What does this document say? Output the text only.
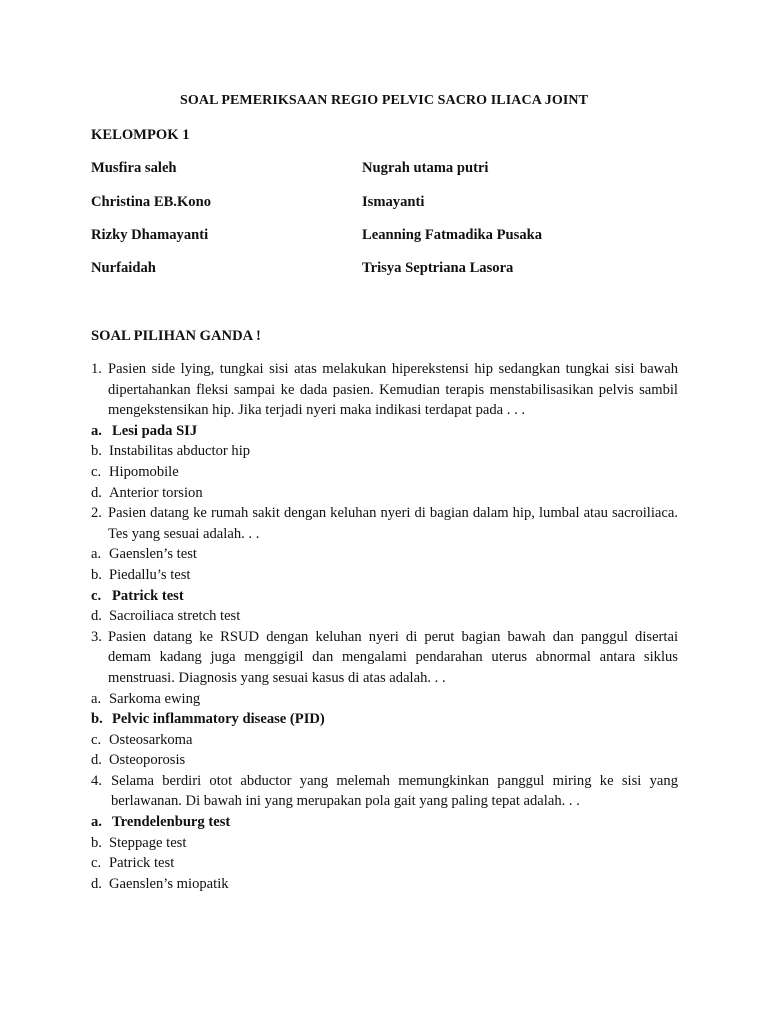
SOAL PEMERIKSAAN REGIO PELVIC SACRO ILIACA JOINT
KELOMPOK 1
Musfira saleh	Nugrah utama putri
Christina EB.Kono	Ismayanti
Rizky Dhamayanti	Leanning Fatmadika Pusaka
Nurfaidah	Trisya Septriana Lasora
SOAL PILIHAN GANDA !
1. Pasien side lying, tungkai sisi atas melakukan hiperekstensi hip sedangkan tungkai sisi bawah dipertahankan fleksi sampai ke dada pasien. Kemudian terapis menstabilisasikan pelvis sambil mengekstensikan hip. Jika terjadi nyeri maka indikasi terdapat pada . . .
a. Lesi pada SIJ
b. Instabilitas abductor hip
c. Hipomobile
d. Anterior torsion
2. Pasien datang ke rumah sakit dengan keluhan nyeri di bagian dalam hip, lumbal atau sacroiliaca. Tes yang sesuai adalah. . .
a. Gaenslen’s test
b. Piedallu’s test
c. Patrick test
d. Sacroiliaca stretch test
3. Pasien datang ke RSUD dengan keluhan nyeri di perut bagian bawah dan panggul disertai demam kadang juga menggigil dan mengalami pendarahan uterus abnormal antara siklus menstruasi. Diagnosis yang sesuai kasus di atas adalah. . .
a. Sarkoma ewing
b. Pelvic inflammatory disease (PID)
c. Osteosarkoma
d. Osteoporosis
4. Selama berdiri otot abductor yang melemah memungkinkan panggul miring ke sisi yang berlawanan. Di bawah ini yang merupakan pola gait yang paling tepat adalah. . .
a. Trendelenburg test
b. Steppage test
c. Patrick test
d. Gaenslen’s miopatik
